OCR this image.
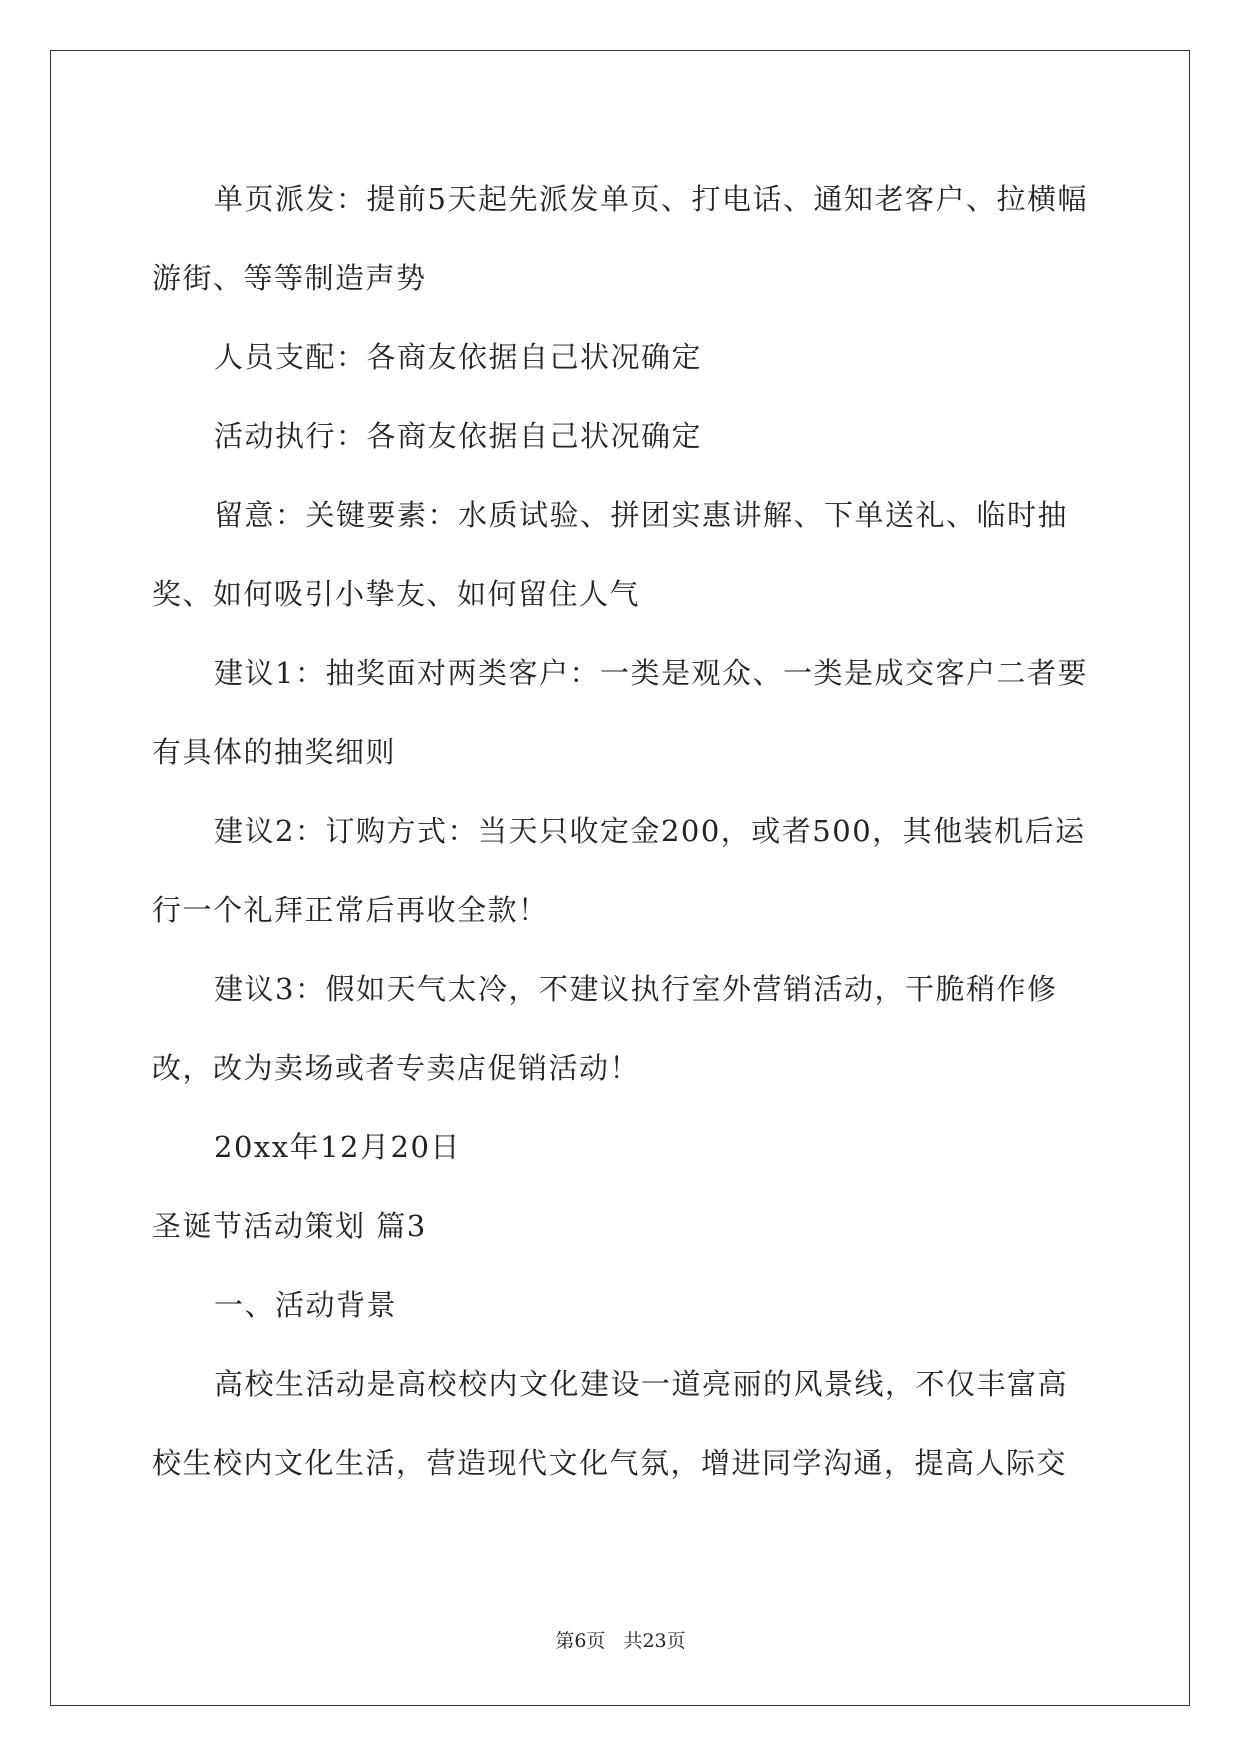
单页派发：提前5天起先派发单页、打电话、通知老客户、拉横幅游街、等等制造声势

人员支配：各商友依据自己状况确定

活动执行：各商友依据自己状况确定

留意：关键要素：水质试验、拼团实惠讲解、下单送礼、临时抽奖、如何吸引小挚友、如何留住人气

建议1：抽奖面对两类客户：一类是观众、一类是成交客户二者要有具体的抽奖细则

建议2：订购方式：当天只收定金200，或者500，其他装机后运行一个礼拜正常后再收全款！

建议3：假如天气太冷，不建议执行室外营销活动，干脆稍作修改，改为卖场或者专卖店促销活动！

20xx年12月20日

圣诞节活动策划 篇3

一、活动背景

高校生活动是高校校内文化建设一道亮丽的风景线，不仅丰富高校生校内文化生活，营造现代文化气氛，增进同学沟通，提高人际交

第6页 共23页
